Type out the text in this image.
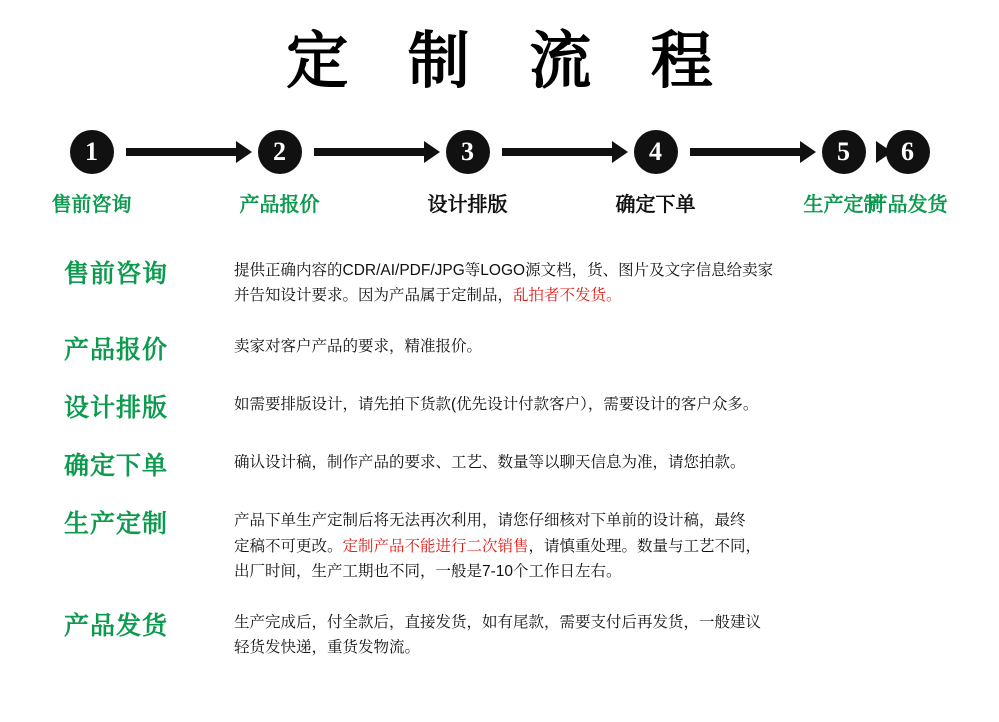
定 制 流 程
1	2	3	4	5	6
售前咨询	产品报价	设计排版	确定下单	生产定制
产品发货
售前咨询	提供正确内容的CDR/AI/PDF/JPG等LOGO源文档，货、图片及文字信息给卖家
并告知设计要求。因为产品属于定制品，乱拍者不发货。
产品报价	卖家对客户产品的要求，精准报价。
设计排版	如需要排版设计，请先拍下货款(优先设计付款客户），需要设计的客户众多。
确定下单	确认设计稿，制作产品的要求、工艺、数量等以聊天信息为准，请您拍款。
生产定制	产品下单生产定制后将无法再次利用，请您仔细核对下单前的设计稿，最终
定稿不可更改。定制产品不能进行二次销售，请慎重处理。数量与工艺不同，
出厂时间，生产工期也不同，一般是7-10个工作日左右。
产品发货	生产完成后，付全款后，直接发货，如有尾款，需要支付后再发货，一般建议
轻货发快递，重货发物流。
